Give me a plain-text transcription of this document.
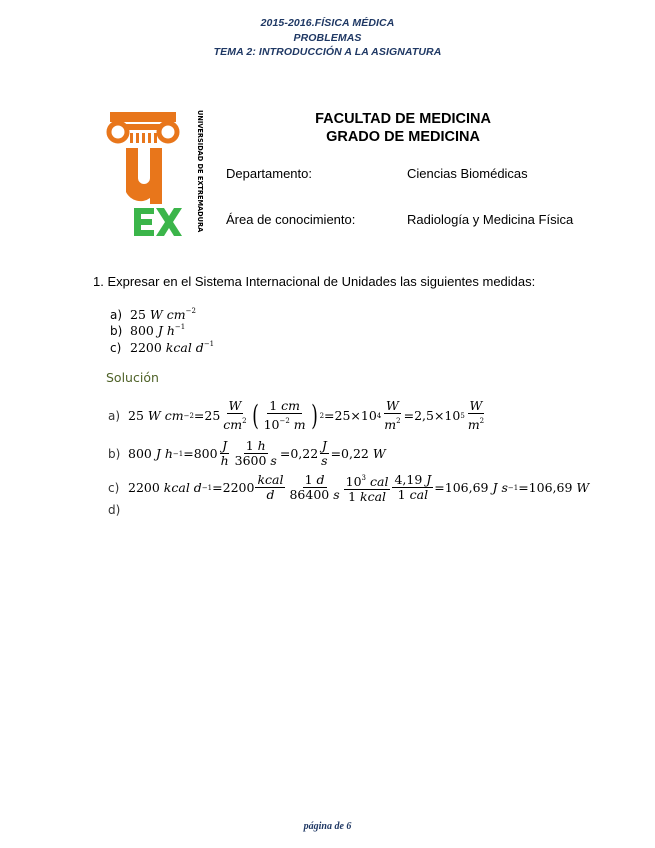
2015-2016.FÍSICA MÉDICA
PROBLEMAS
TEMA 2: INTRODUCCIÓN A LA ASIGNATURA
UNIVERSIDAD DE EXTREMADURA	FACULTAD DE MEDICINA
GRADO DE MEDICINA
Departamento:	Ciencias Biomédicas
Área de conocimiento:	Radiología y Medicina Física
1. Expresar en el Sistema Internacional de Unidades las siguientes medidas:
a) 25 W $cm^{-2}$
b) 800 J $h^{-1}$
c) 2200 kcal $d^{-1}$
Solución
a) 25
W cm $-2 =25 \frac{W}{cm^2}$ ( $\frac{1 cm}{10^{-2} m}$ ) 2 =25×10 $4 \frac{W}{m^2} =2,5\times 10$ $5 \frac{W}{m^2}$
b) 800
J $h -1 =800 \frac{J}{h} \frac{1 h}{3600 s} =0,22 \frac{J}{s} =0,22$ W
c) 2200
kcal $d -1 =2200 \frac{\text{kcal}}{d} \frac{1 d}{86400 s} \frac{10^3 cal}{\text{1 kcal}} \frac{4,19 J}{\text{1 cal}} =106,69$ J s −1 =106,69 W
d)
página de 6
